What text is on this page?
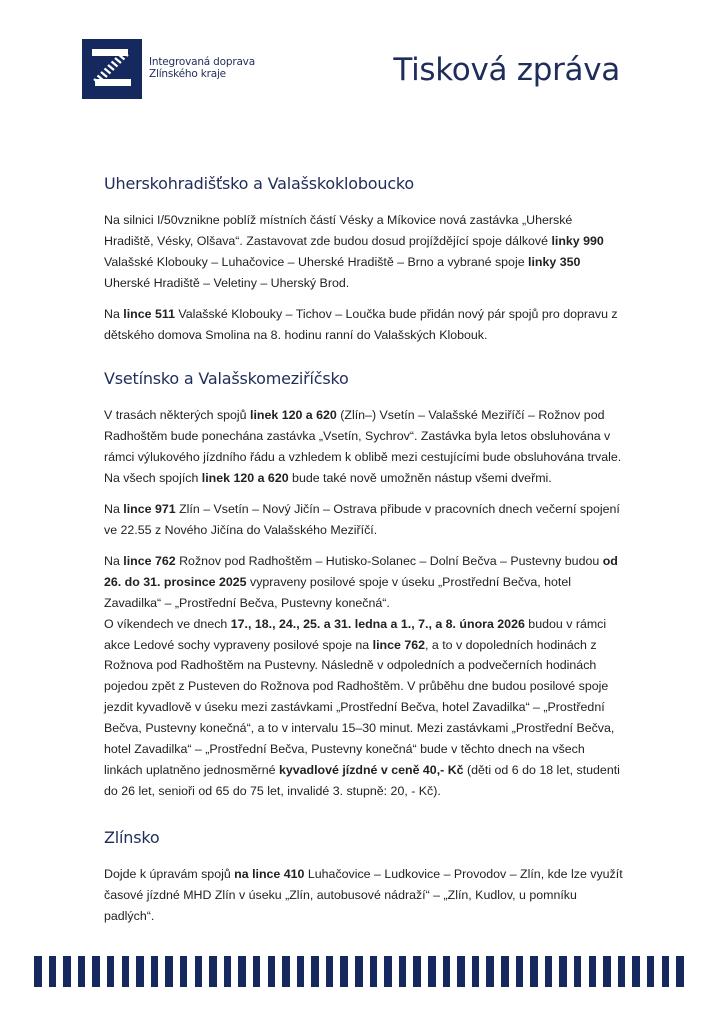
Integrovaná doprava
Zlínského kraje	Tisková zpráva
Uherskohradišťsko a Valašskokloboucko

Na silnici I/50vznikne poblíž místních částí Vésky a Míkovice nová zastávka „Uherské Hradiště, Vésky, Olšava“. Zastavovat zde budou dosud projíždějící spoje dálkové linky 990 Valašské Klobouky – Luhačovice – Uherské Hradiště – Brno a vybrané spoje linky 350 Uherské Hradiště – Veletiny – Uherský Brod.

Na lince 511 Valašské Klobouky – Tichov – Loučka bude přidán nový pár spojů pro dopravu z dětského domova Smolina na 8. hodinu ranní do Valašských Klobouk.

Vsetínsko a Valašskomeziříčsko

V trasách některých spojů linek 120 a 620 (Zlín–) Vsetín – Valašské Meziříčí – Rožnov pod Radhoštěm bude ponechána zastávka „Vsetín, Sychrov“. Zastávka byla letos obsluhována v rámci výlukového jízdního řádu a vzhledem k oblibě mezi cestujícími bude obsluhována trvale.
Na všech spojích linek 120 a 620 bude také nově umožněn nástup všemi dveřmi.

Na lince 971 Zlín – Vsetín – Nový Jičín – Ostrava přibude v pracovních dnech večerní spojení ve 22.55 z Nového Jičína do Valašského Meziříčí.

Na lince 762 Rožnov pod Radhoštěm – Hutisko-Solanec – Dolní Bečva – Pustevny budou od 26. do 31. prosince 2025 vypraveny posilové spoje v úseku „Prostřední Bečva, hotel Zavadilka“ – „Prostřední Bečva, Pustevny konečná“.
O víkendech ve dnech 17., 18., 24., 25. a 31. ledna a 1., 7., a 8. února 2026 budou v rámci akce Ledové sochy vypraveny posilové spoje na lince 762, a to v dopoledních hodinách z Rožnova pod Radhoštěm na Pustevny. Následně v odpoledních a podvečerních hodinách pojedou zpět z Pusteven do Rožnova pod Radhoštěm. V průběhu dne budou posilové spoje jezdit kyvadlově v úseku mezi zastávkami „Prostřední Bečva, hotel Zavadilka“ – „Prostřední Bečva, Pustevny konečná“, a to v intervalu 15–30 minut. Mezi zastávkami „Prostřední Bečva, hotel Zavadilka“ – „Prostřední Bečva, Pustevny konečná“ bude v těchto dnech na všech linkách uplatněno jednosměrné kyvadlové jízdné v ceně 40,- Kč (děti od 6 do 18 let, studenti do 26 let, senioři od 65 do 75 let, invalidé 3. stupně: 20, - Kč).

Zlínsko

Dojde k úpravám spojů na lince 410 Luhačovice – Ludkovice – Provodov – Zlín, kde lze využít časové jízdné MHD Zlín v úseku „Zlín, autobusové nádraží“ – „Zlín, Kudlov, u pomníku padlých“.
